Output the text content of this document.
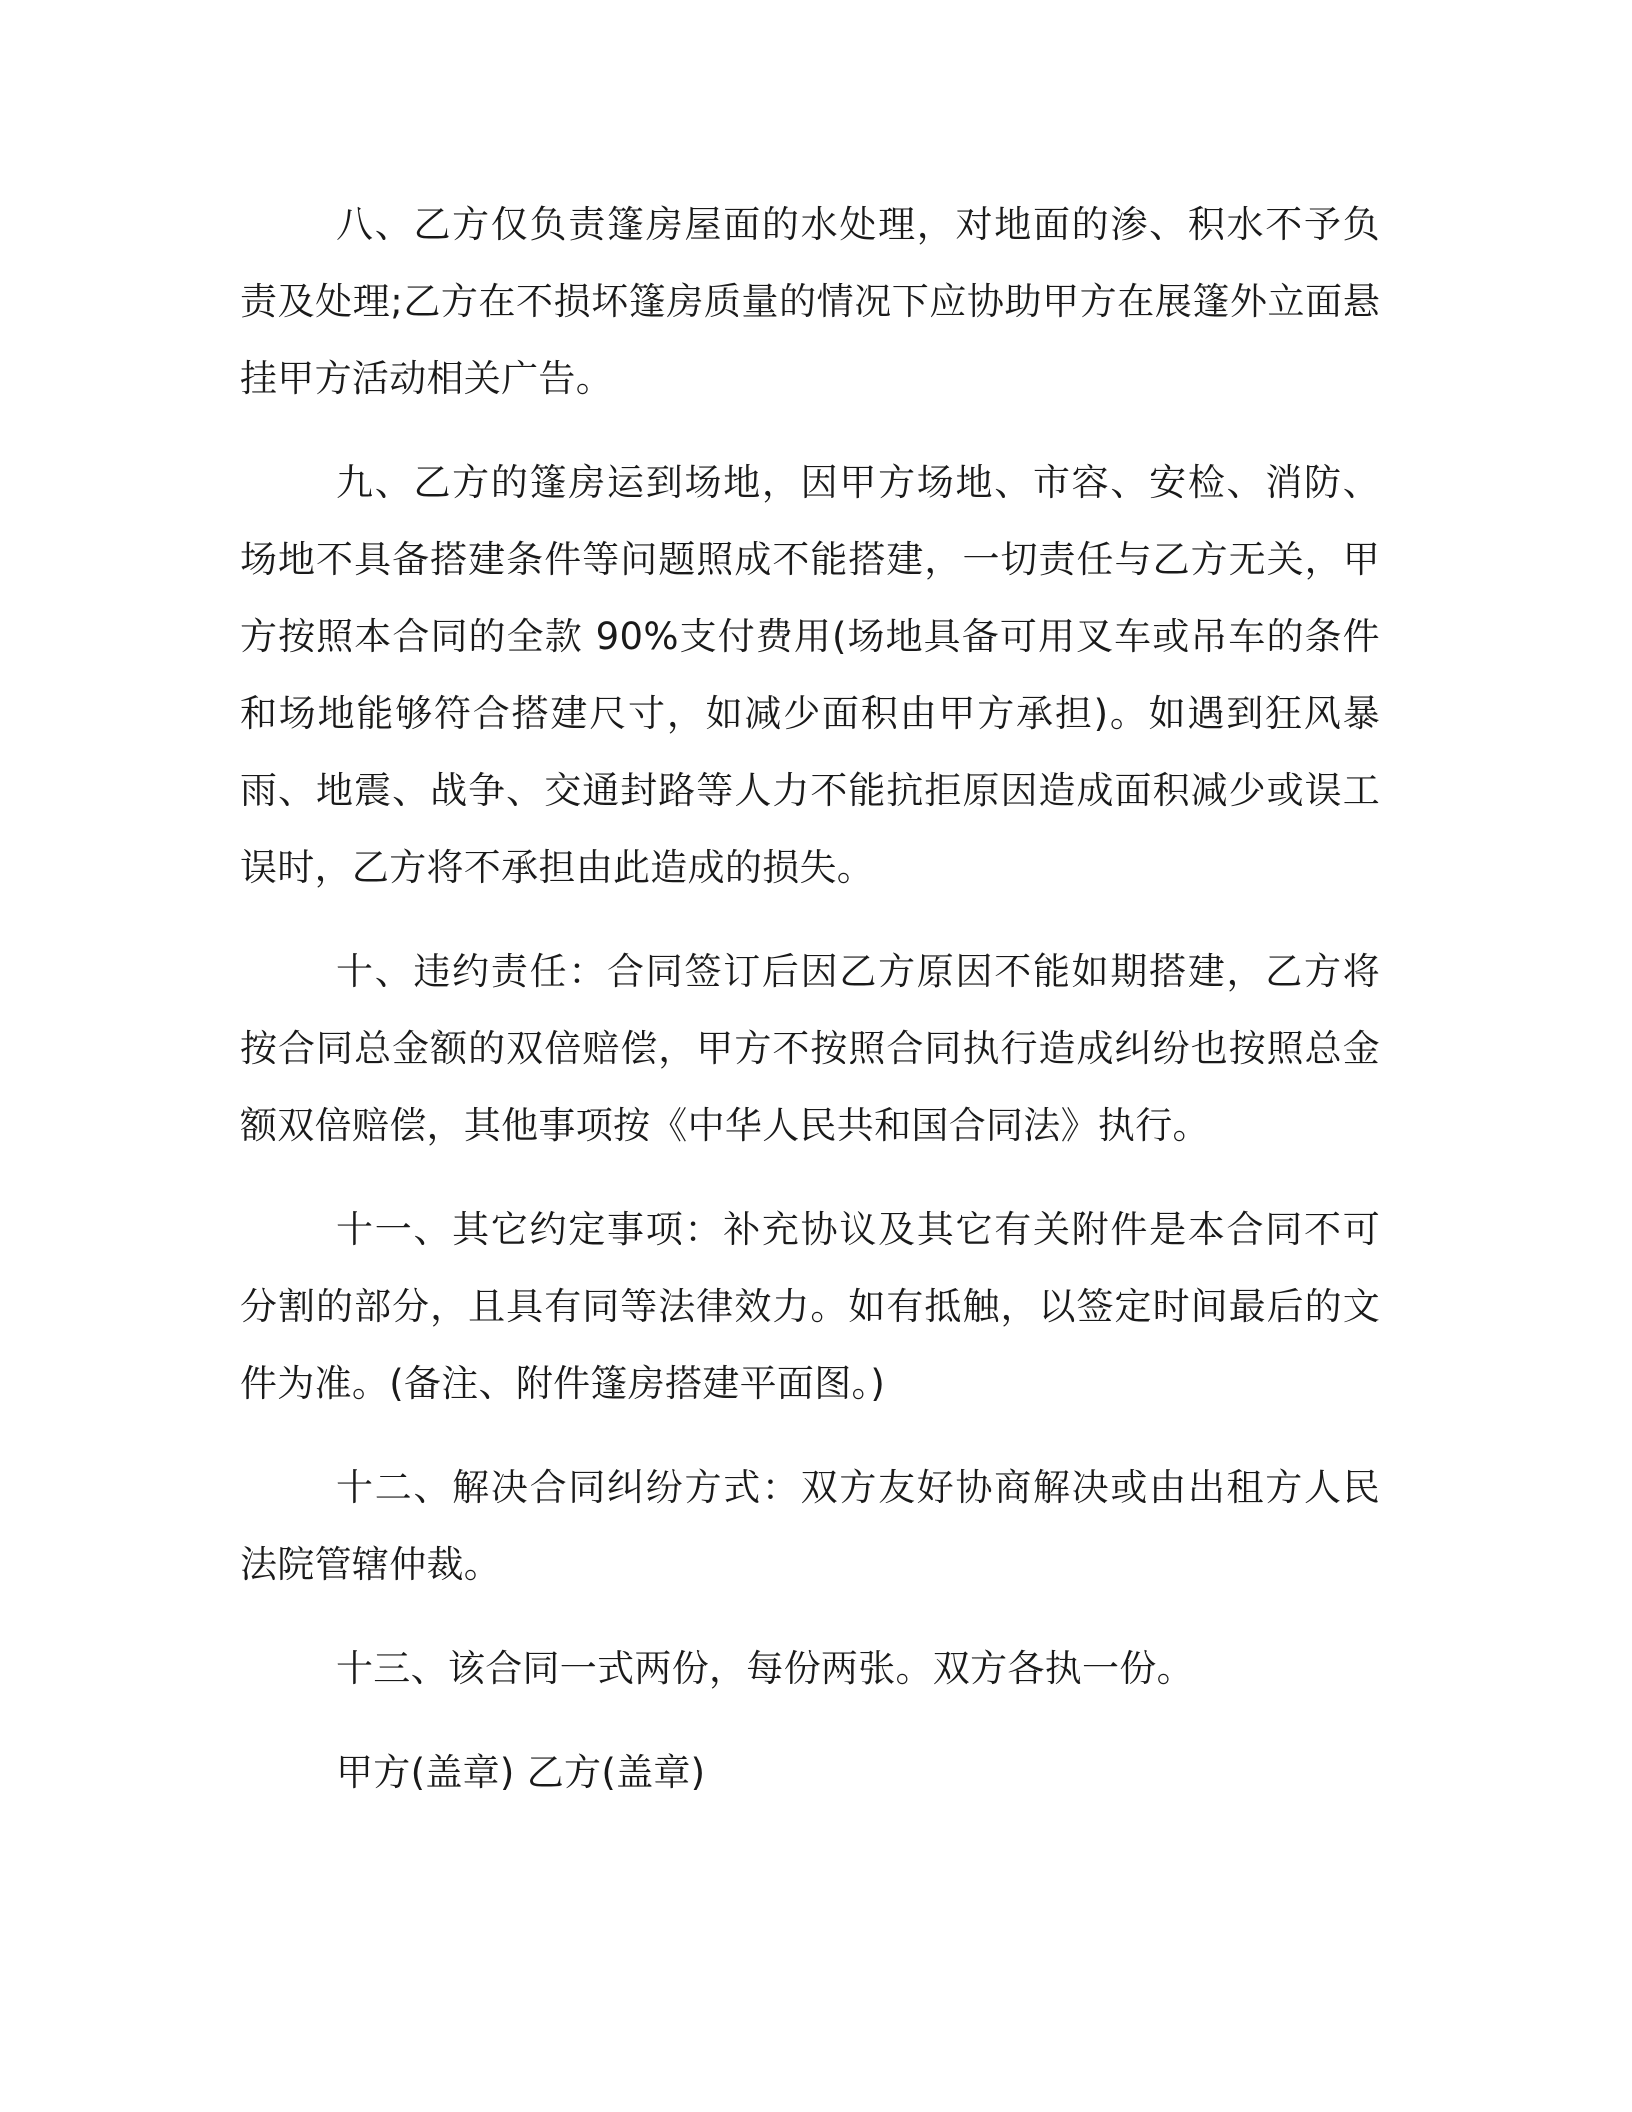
八、乙方仅负责篷房屋面的水处理，对地面的渗、积水不予负责及处理;乙方在不损坏篷房质量的情况下应协助甲方在展篷外立面悬挂甲方活动相关广告。

九、乙方的篷房运到场地，因甲方场地、市容、安检、消防、场地不具备搭建条件等问题照成不能搭建，一切责任与乙方无关，甲方按照本合同的全款 90%支付费用(场地具备可用叉车或吊车的条件和场地能够符合搭建尺寸，如减少面积由甲方承担)。如遇到狂风暴雨、地震、战争、交通封路等人力不能抗拒原因造成面积减少或误工误时，乙方将不承担由此造成的损失。

十、违约责任：合同签订后因乙方原因不能如期搭建，乙方将按合同总金额的双倍赔偿，甲方不按照合同执行造成纠纷也按照总金额双倍赔偿，其他事项按《中华人民共和国合同法》执行。

十一、其它约定事项：补充协议及其它有关附件是本合同不可分割的部分，且具有同等法律效力。如有抵触，以签定时间最后的文件为准。(备注、附件篷房搭建平面图。)

十二、解决合同纠纷方式：双方友好协商解决或由出租方人民法院管辖仲裁。

十三、该合同一式两份，每份两张。双方各执一份。

甲方(盖章) 乙方(盖章)
